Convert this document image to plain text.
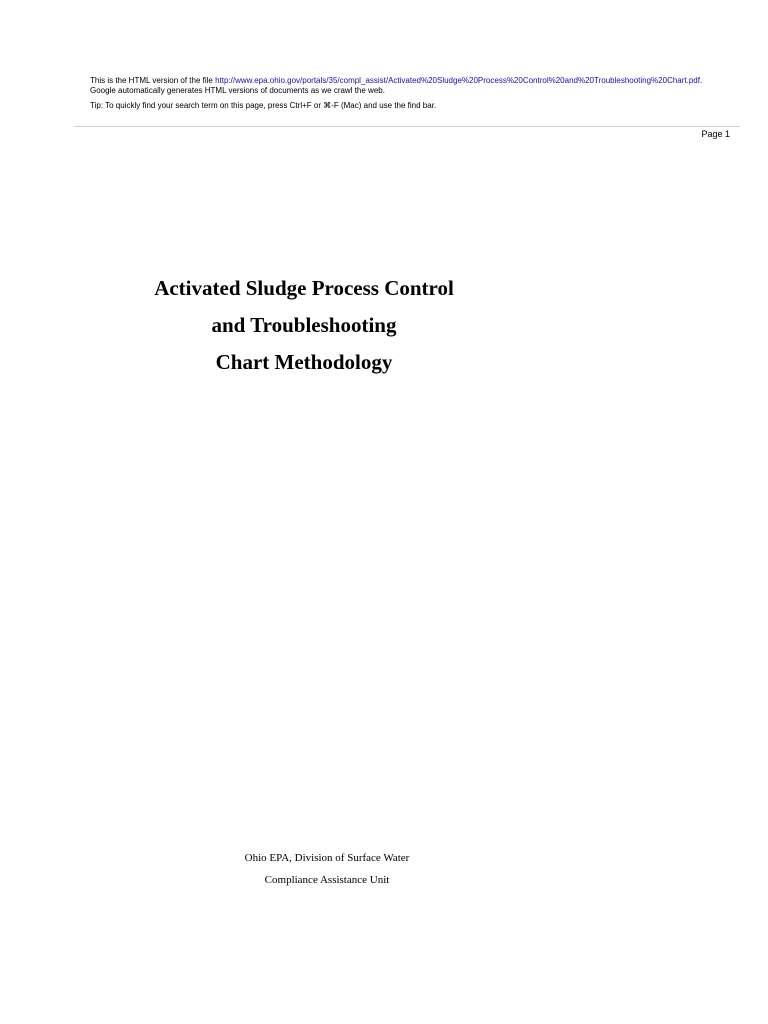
This is the HTML version of the file http://www.epa.ohio.gov/portals/35/compl_assist/Activated%20Sludge%20Process%20Control%20and%20Troubleshooting%20Chart.pdf. Google automatically generates HTML versions of documents as we crawl the web.

Tip: To quickly find your search term on this page, press Ctrl+F or ⌘-F (Mac) and use the find bar.

Page 1
Activated Sludge Process Control
and Troubleshooting
Chart Methodology
Ohio EPA, Division of Surface Water
Compliance Assistance Unit
